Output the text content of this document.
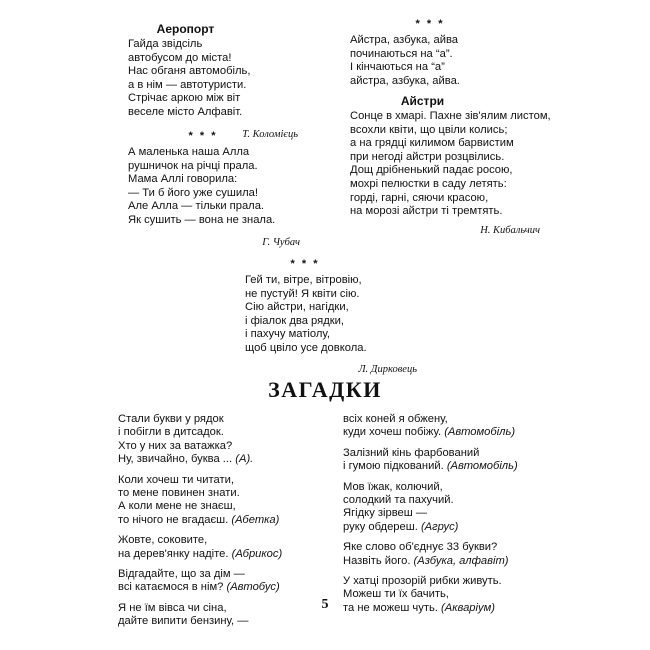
Аеропорт
Гайда звідсіль
автобусом до міста!
Нас обганя автомобіль,
а в нім — автотуристи.
Стрічає аркою між віт
веселе місто Алфавіт.
Т. Коломієць
* * *
А маленька наша Алла
рушничок на річці прала.
Мама Аллі говорила:
— Ти б його уже сушила!
Але Алла — тільки прала.
Як сушить — вона не знала.
Г. Чубач
* * *
Айстра, азбука, айва
починаються на “а”.
І кінчаються на “а”
айстра, азбука, айва.
Айстри
Сонце в хмарі. Пахне зів'ялим листом,
всохли квіти, що цвіли колись;
а на грядці килимом барвистим
при негоді айстри розцвілись.
Дощ дрібненький падає росою,
мохрі пелюстки в саду летять:
горді, гарні, сяючи красою,
на морозі айстри ті тремтять.
Н. Кибальчич
* * *
Гей ти, вітре, вітровію,
не пустуй! Я квіти сію.
Сію айстри, нагідки,
і фіалок два рядки,
і пахучу матіолу,
щоб цвіло усе довкола.
Л. Дирковець
ЗАГАДКИ
Стали букви у рядок
і побігли в дитсадок.
Хто у них за ватажка?
Ну, звичайно, буква ... (А).
Коли хочеш ти читати,
то мене повинен знати.
А коли мене не знаєш,
то нічого не вгадаєш. (Абетка)
Жовте, соковите,
на дерев'янку надіте. (Абрикос)
Відгадайте, що за дім —
всі катаємося в нім? (Автобус)
Я не їм вівса чи сіна,
дайте випити бензину, —
всіх коней я обжену,
куди хочеш побіжу. (Автомобіль)
Залізний кінь фарбований
і гумою підкований. (Автомобіль)
Мов їжак, колючий,
солодкий та пахучий.
Ягідку зірвеш —
руку обдереш. (Агрус)
Яке слово об'єднує 33 букви?
Назвіть його. (Азбука, алфавіт)
У хатці прозорій рибки живуть.
Можеш ти їх бачить,
та не можеш чуть. (Акваріум)
5
